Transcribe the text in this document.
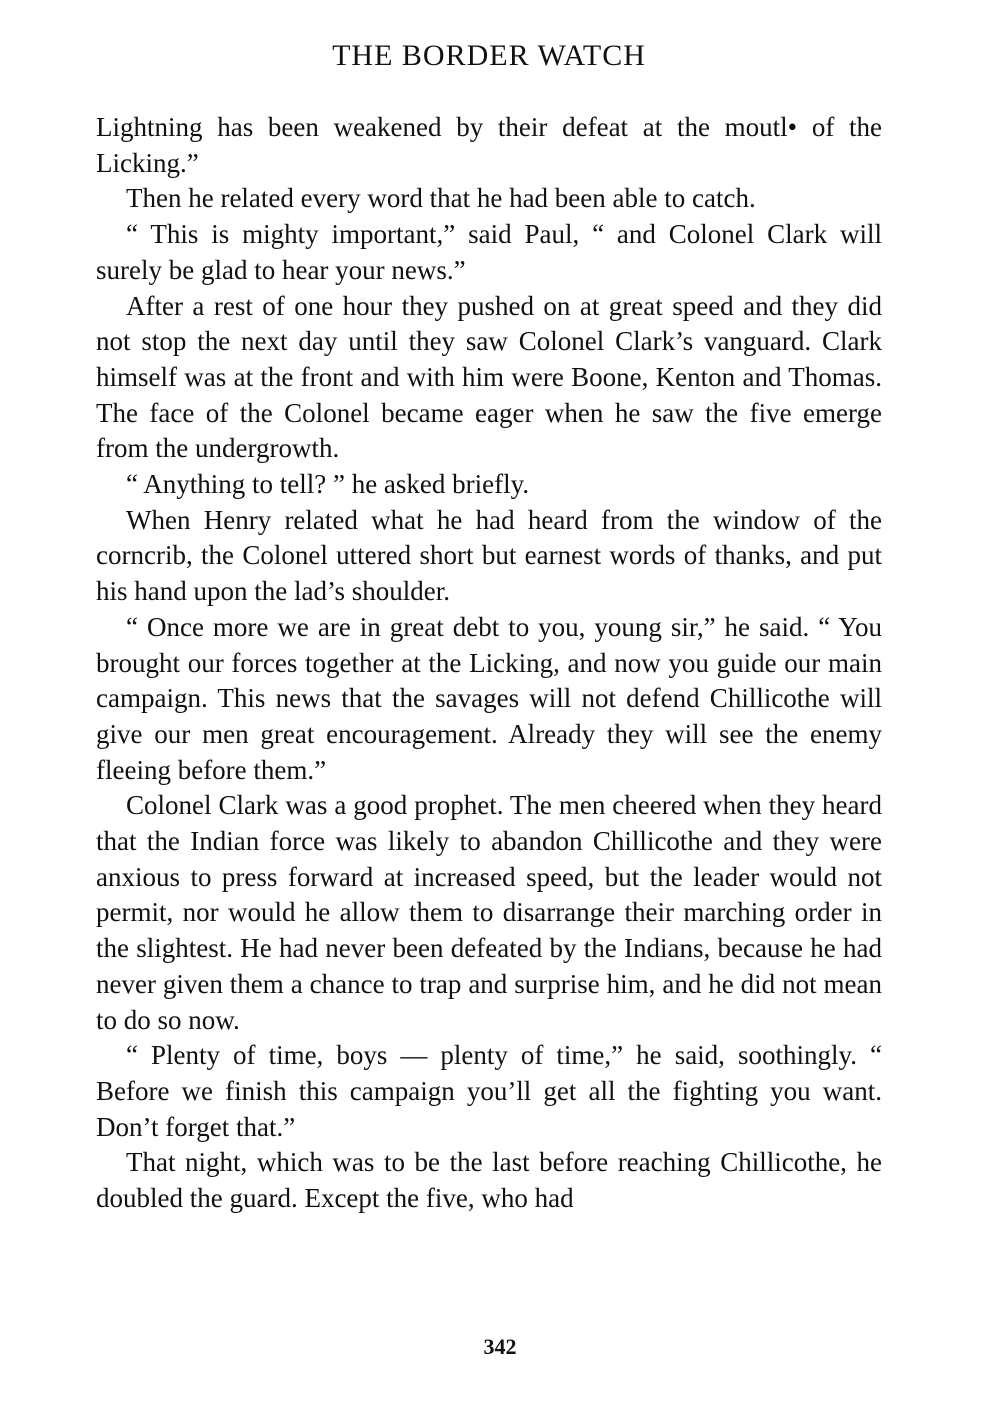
THE BORDER WATCH

Lightning has been weakened by their defeat at the moutl• of the Licking.”

Then he related every word that he had been able to catch.

“ This is mighty important,” said Paul, “ and Colonel Clark will surely be glad to hear your news.”

After a rest of one hour they pushed on at great speed and they did not stop the next day until they saw Colonel Clark’s vanguard. Clark himself was at the front and with him were Boone, Kenton and Thomas. The face of the Colonel became eager when he saw the five emerge from the undergrowth.

“ Anything to tell? ” he asked briefly.

When Henry related what he had heard from the window of the corncrib, the Colonel uttered short but earnest words of thanks, and put his hand upon the lad’s shoulder.

“ Once more we are in great debt to you, young sir,” he said. “ You brought our forces together at the Licking, and now you guide our main campaign. This news that the savages will not defend Chillicothe will give our men great encouragement. Already they will see the enemy fleeing before them.”

Colonel Clark was a good prophet. The men cheered when they heard that the Indian force was likely to abandon Chillicothe and they were anxious to press forward at increased speed, but the leader would not permit, nor would he allow them to disarrange their marching order in the slightest. He had never been defeated by the Indians, because he had never given them a chance to trap and surprise him, and he did not mean to do so now.

“ Plenty of time, boys — plenty of time,” he said, soothingly. “ Before we finish this campaign you’ll get all the fighting you want. Don’t forget that.”

That night, which was to be the last before reaching Chillicothe, he doubled the guard. Except the five, who had

342
